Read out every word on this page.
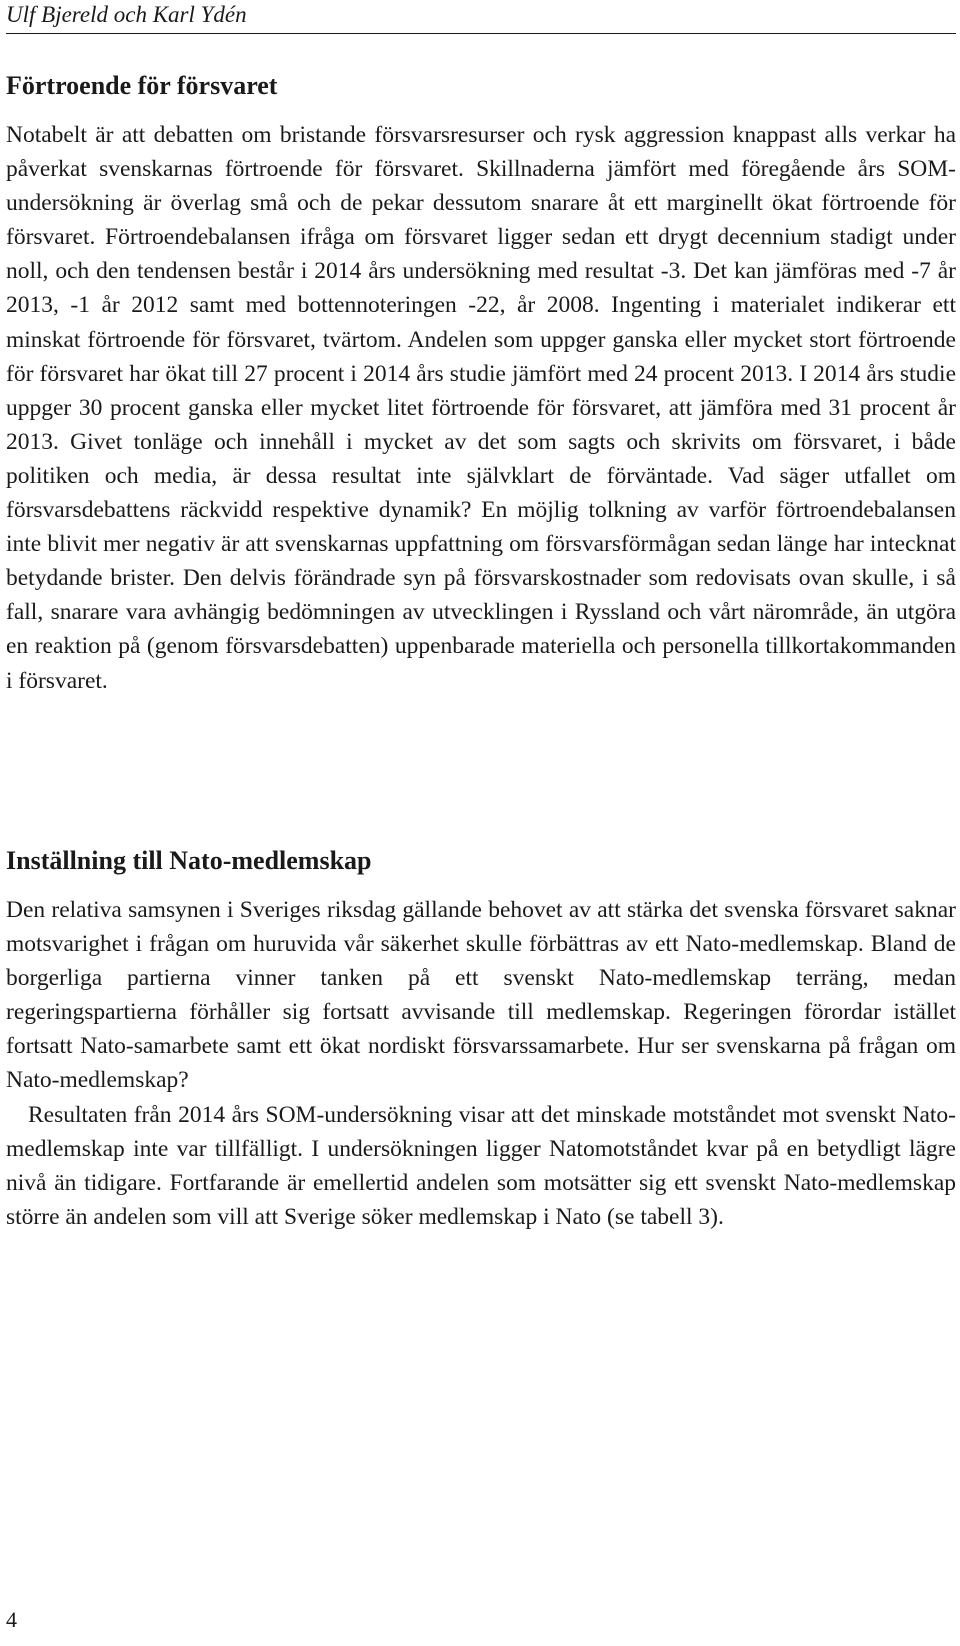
Ulf Bjereld och Karl Ydén
Förtroende för försvaret

Notabelt är att debatten om bristande försvarsresurser och rysk aggression knappast alls verkar ha påverkat svenskarnas förtroende för försvaret. Skillnaderna jämfört med föregående års SOM-undersökning är överlag små och de pekar dessutom snarare åt ett marginellt ökat förtroende för försvaret. Förtroendebalansen ifråga om försvaret ligger sedan ett drygt decennium stadigt under noll, och den tendensen består i 2014 års undersökning med resultat -3. Det kan jämföras med -7 år 2013, -1 år 2012 samt med bottennoteringen -22, år 2008. Ingenting i materialet indikerar ett minskat förtroende för försvaret, tvärtom. Andelen som uppger ganska eller mycket stort förtroende för försvaret har ökat till 27 procent i 2014 års studie jämfört med 24 procent 2013. I 2014 års studie uppger 30 procent ganska eller mycket litet förtroende för försvaret, att jämföra med 31 procent år 2013. Givet tonläge och innehåll i mycket av det som sagts och skrivits om försvaret, i både politiken och media, är dessa resultat inte självklart de förväntade. Vad säger utfallet om försvarsdebattens räckvidd respektive dynamik? En möjlig tolkning av varför förtroendebalansen inte blivit mer negativ är att svenskarnas uppfattning om försvarsförmågan sedan länge har intecknat betydande brister. Den delvis förändrade syn på försvarskostnader som redovisats ovan skulle, i så fall, snarare vara avhängig bedömningen av utvecklingen i Ryssland och vårt närområde, än utgöra en reaktion på (genom försvarsdebatten) uppenbarade materiella och personella tillkortakommanden i försvaret.

Inställning till Nato-medlemskap

Den relativa samsynen i Sveriges riksdag gällande behovet av att stärka det svenska försvaret saknar motsvarighet i frågan om huruvida vår säkerhet skulle förbättras av ett Nato-medlemskap. Bland de borgerliga partierna vinner tanken på ett svenskt Nato-medlemskap terräng, medan regeringspartierna förhåller sig fortsatt avvisande till medlemskap. Regeringen förordar istället fortsatt Nato-samarbete samt ett ökat nordiskt försvarssamarbete. Hur ser svenskarna på frågan om Nato-medlemskap?

Resultaten från 2014 års SOM-undersökning visar att det minskade motståndet mot svenskt Nato-medlemskap inte var tillfälligt. I undersökningen ligger Natomotståndet kvar på en betydligt lägre nivå än tidigare. Fortfarande är emellertid andelen som motsätter sig ett svenskt Nato-medlemskap större än andelen som vill att Sverige söker medlemskap i Nato (se tabell 3).

4
